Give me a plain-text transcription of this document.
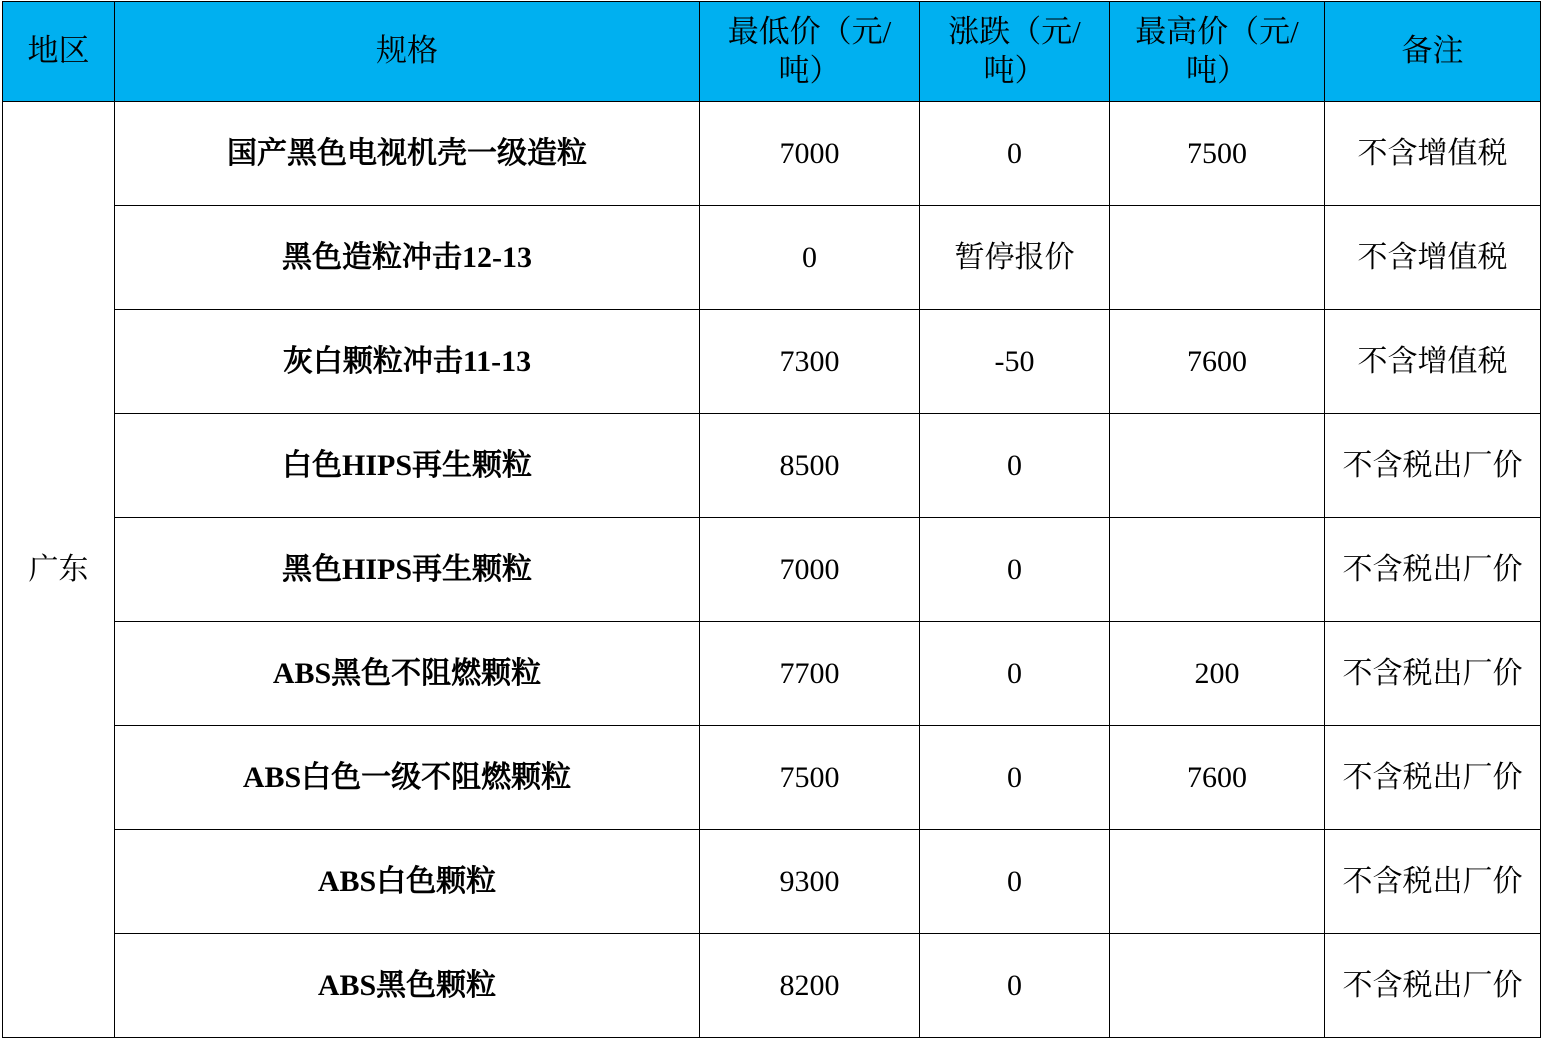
地区	规格	最低价（元/吨）	涨跌（元/吨）	最高价（元/吨）	备注
广东	国产黑色电视机壳一级造粒	7000	0	7500	不含增值税
	黑色造粒冲击12-13	0	暂停报价		不含增值税
	灰白颗粒冲击11-13	7300	-50	7600	不含增值税
	白色HIPS再生颗粒	8500	0		不含税出厂价
	黑色HIPS再生颗粒	7000	0		不含税出厂价
	ABS黑色不阻燃颗粒	7700	0	200	不含税出厂价
	ABS白色一级不阻燃颗粒	7500	0	7600	不含税出厂价
	ABS白色颗粒	9300	0		不含税出厂价
	ABS黑色颗粒	8200	0		不含税出厂价
